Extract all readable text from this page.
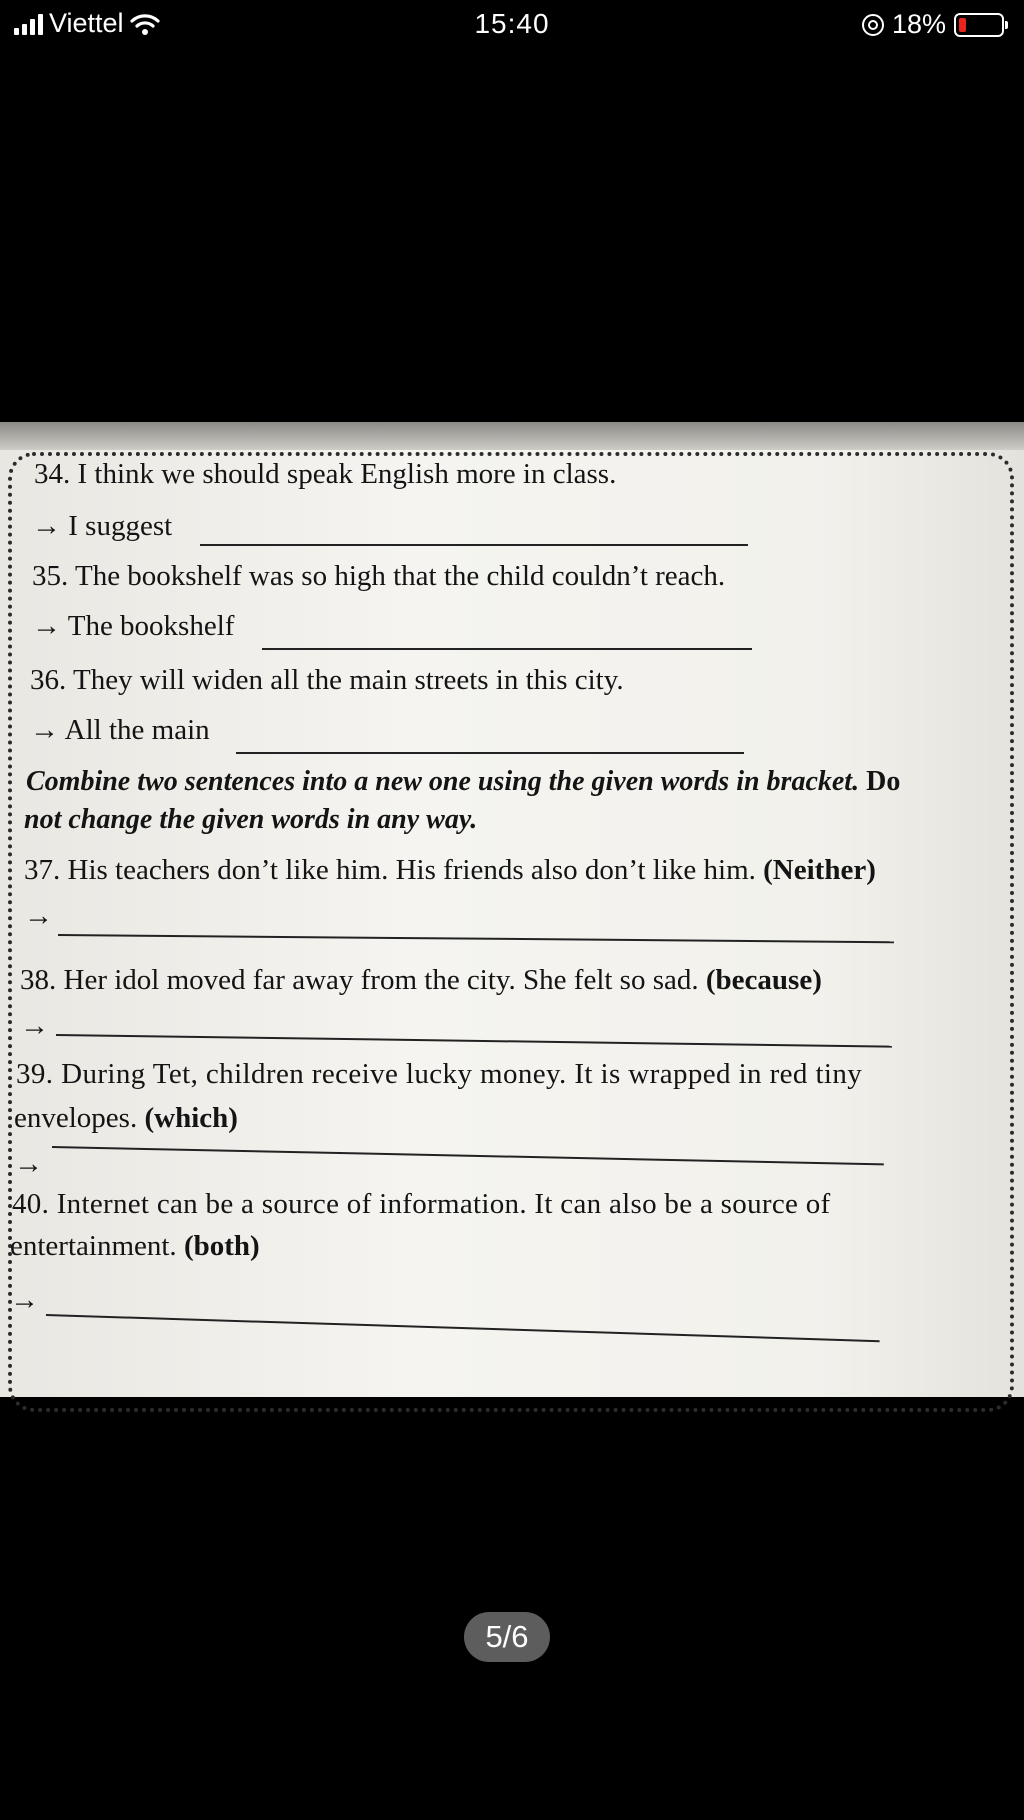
Viettel	15:40	18%
34. I think we should speak English more in class.
→ I suggest
35. The bookshelf was so high that the child couldn’t reach.
→ The bookshelf
36. They will widen all the main streets in this city.
→ All the main
Combine two sentences into a new one using the given words in bracket. Do
not change the given words in any way.
37. His teachers don’t like him. His friends also don’t like him. (Neither)
→
38. Her idol moved far away from the city. She felt so sad. (because)
→
39. During Tet, children receive lucky money. It is wrapped in red tiny
envelopes. (which)
→
40. Internet can be a source of information. It can also be a source of
entertainment. (both)
→
5/6
